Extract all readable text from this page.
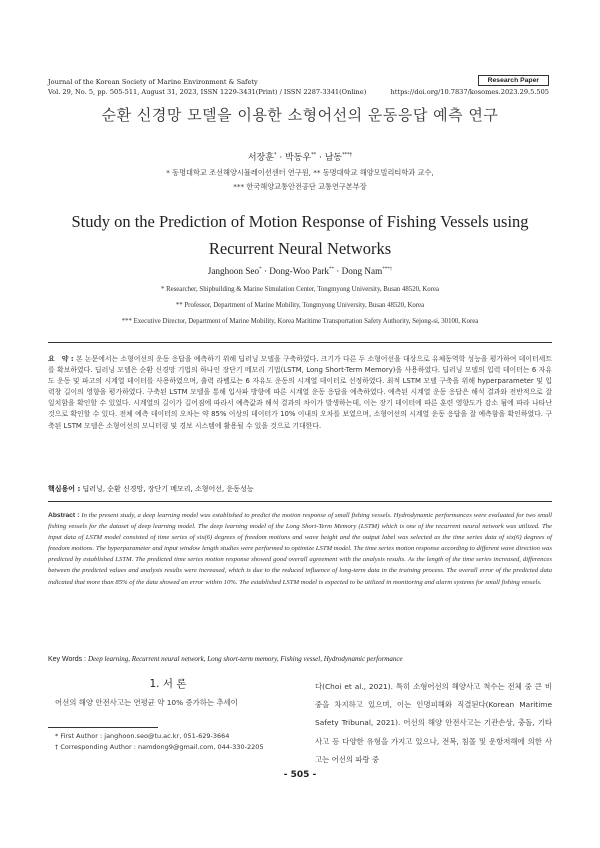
Journal of the Korean Society of Marine Environment & Safety
Vol. 29, No. 5, pp. 505-511, August 31, 2023, ISSN 1229-3431(Print) / ISSN 2287-3341(Online)
Research Paper
https://doi.org/10.7837/kosomes.2023.29.5.505
순환 신경망 모델을 이용한 소형어선의 운동응답 예측 연구
서장훈* · 박동우** · 남동***†
* 동명대학교 조선해양시뮬레이션센터 연구원, ** 동명대학교 해양모빌리티학과 교수,
*** 한국해양교통안전공단 교통연구본부장
Study on the Prediction of Motion Response of Fishing Vessels using
Recurrent Neural Networks
Janghoon Seo* · Dong-Woo Park** · Dong Nam***†
* Researcher, Shipbuilding & Marine Simulation Center, Tongmyong University, Busan 48520, Korea
** Professor, Department of Marine Mobility, Tongmyong University, Busan 48520, Korea
*** Executive Director, Department of Marine Mobility, Korea Maritime Transportation Safety Authority, Sejong-si, 30100, Korea
요　약 : 본 논문에서는 소형어선의 운동 응답을 예측하기 위해 딥러닝 모델을 구축하였다. 크기가 다른 두 소형어선을 대상으로 유체동역학 성능을 평가하여 데이터세트를 확보하였다. 딥러닝 모델은 순환 신경망 기법의 하나인 장단기 메모리 기법(LSTM, Long Short-Term Memory)을 사용하였다. 딥러닝 모델의 입력 데이터는 6 자유도 운동 및 파고의 시계열 데이터를 사용하였으며, 출력 라벨로는 6 자유도 운동의 시계열 데이터로 선정하였다. 최적 LSTM 모델 구축을 위해 hyperparameter 및 입력창 길이의 영향을 평가하였다. 구축된 LSTM 모델을 통해 입사파 방향에 따른 시계열 운동 응답을 예측하였다. 예측된 시계열 운동 응답은 해석 결과와 전반적으로 잘 일치함을 확인할 수 있었다. 시계열의 길이가 길어짐에 따라서 예측값과 해석 결과의 차이가 발생하는데, 이는 장기 데이터에 따른 훈련 영향도가 감소 됨에 따라 나타난 것으로 확인할 수 있다. 전체 예측 데이터의 오차는 약 85% 이상의 데이터가 10% 이내의 오차를 보였으며, 소형어선의 시계열 운동 응답을 잘 예측함을 확인하였다. 구축된 LSTM 모델은 소형어선의 모니터링 및 경보 시스템에 활용될 수 있을 것으로 기대한다.
핵심용어 : 딥러닝, 순환 신경망, 장단기 메모리, 소형어선, 운동성능
Abstract : In the present study, a deep learning model was established to predict the motion response of small fishing vessels. Hydrodynamic performances were evaluated for two small fishing vessels for the dataset of deep learning model. The deep learning model of the Long Short-Term Memory (LSTM) which is one of the recurrent neural network was utilized. The input data of LSTM model consisted of time series of six(6) degrees of freedom motions and wave height and the output label was selected as the time series data of six(6) degrees of freedom motions. The hyperparameter and input window length studies were performed to optimize LSTM model. The time series motion response according to different wave direction was predicted by established LSTM. The predicted time series motion response showed good overall agreement with the analysis results. As the length of the time series increased, differences between the predicted values and analysis results were increased, which is due to the reduced influence of long-term data in the training process. The overall error of the predicted data indicated that more than 85% of the data showed an error within 10%. The established LSTM model is expected to be utilized in monitoring and alarm systems for small fishing vessels.
Key Words : Deep learning, Recurrent neural network, Long short-term memory, Fishing vessel, Hydrodynamic performance
1. 서 론
어선의 해양 안전사고는 연평균 약 10% 증가하는 추세이
다(Choi et al., 2021). 특히 소형어선의 해양사고 척수는 전체 중 큰 비중을 차지하고 있으며, 이는 인명피해와 직결된다(Korean Maritime Safety Tribunal, 2021). 어선의 해양 안전사고는 기관손상, 충돌, 기타사고 등 다양한 유형을 가지고 있으나, 전복, 침몰 및 운항저해에 의한 사고는 어선의 파랑 중
* First Author : janghoon.seo@tu.ac.kr, 051-629-3664
† Corresponding Author : namdong9@gmail.com, 044-330-2205
- 505 -
